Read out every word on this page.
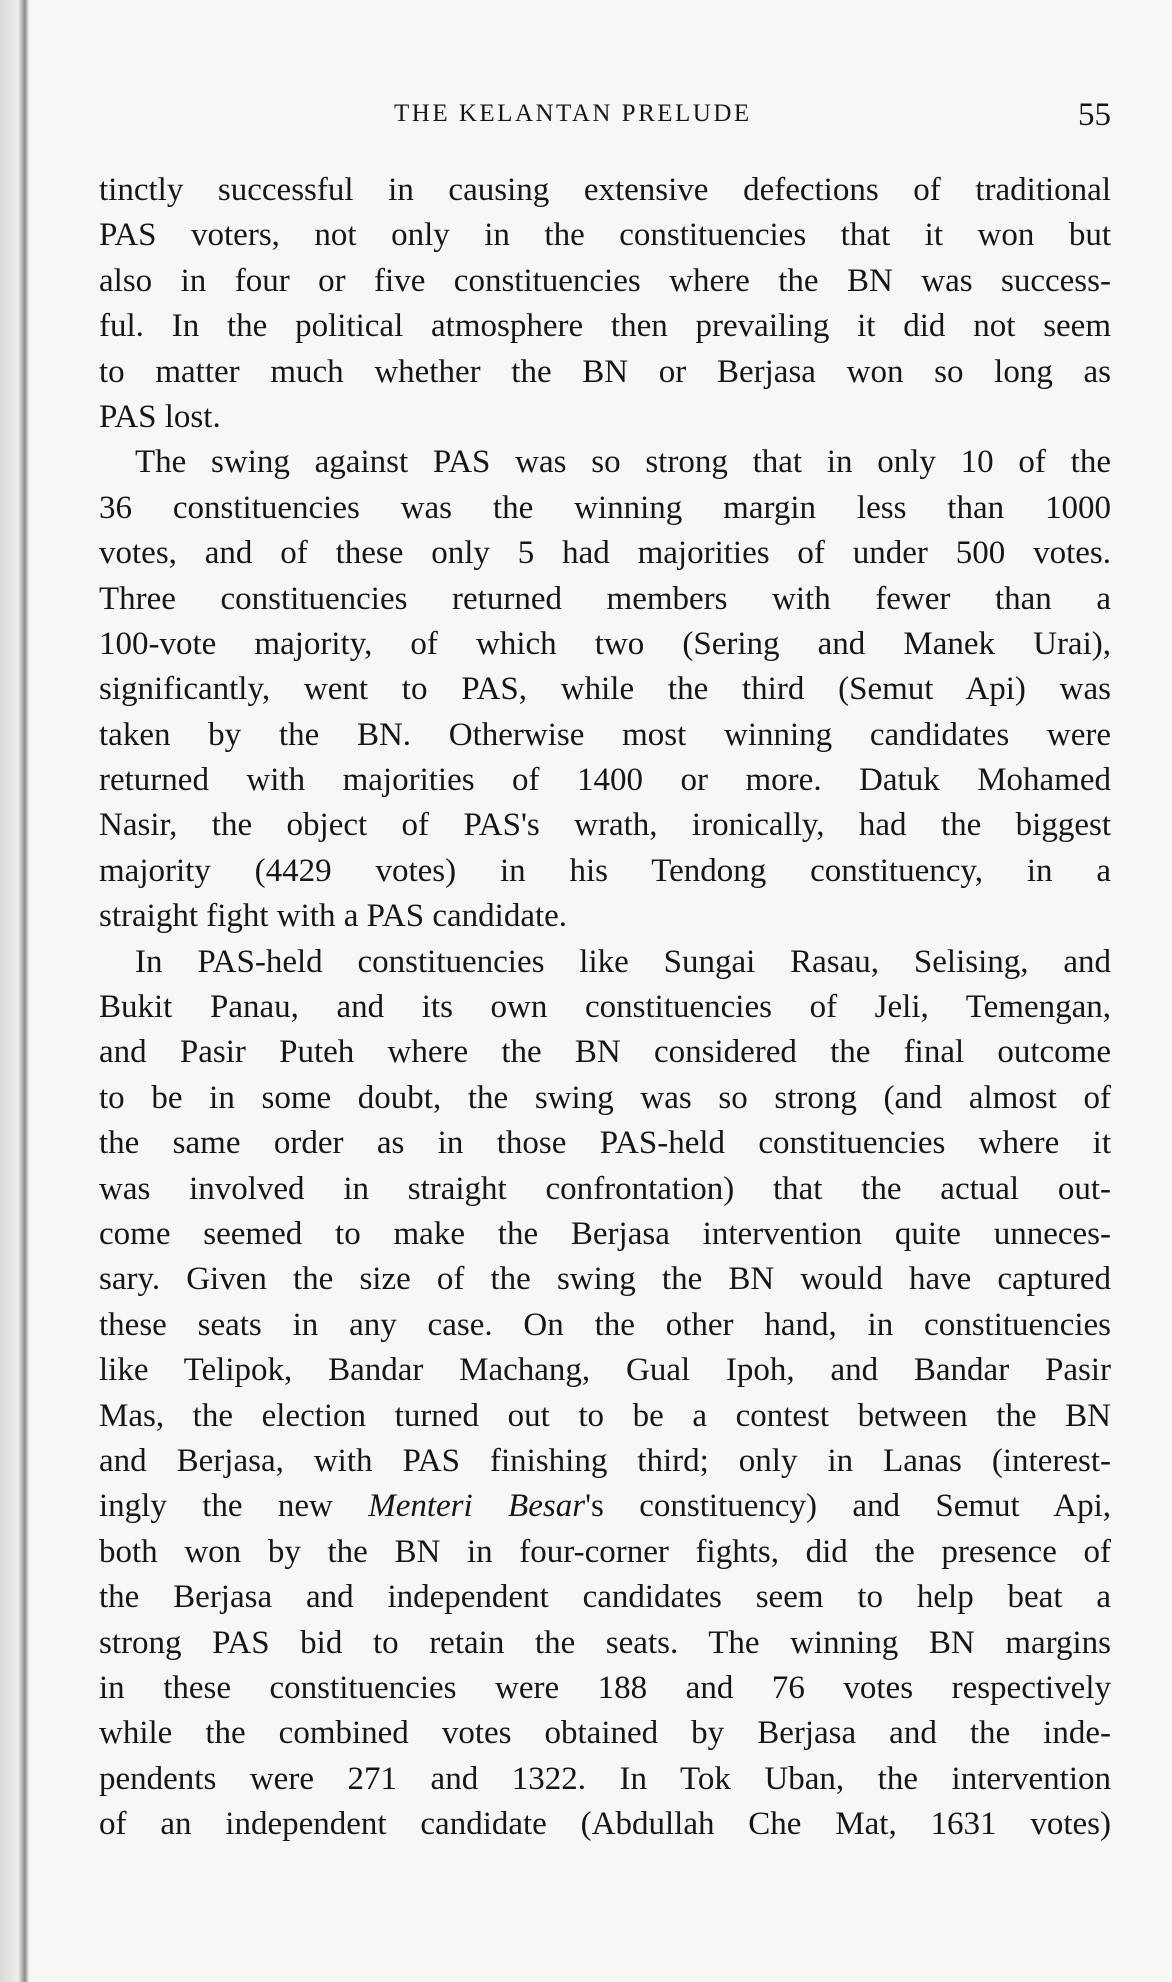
THE KELANTAN PRELUDE	55
tinctly successful in causing extensive defections of traditional
PAS voters, not only in the constituencies that it won but
also in four or five constituencies where the BN was success-
ful. In the political atmosphere then prevailing it did not seem
to matter much whether the BN or Berjasa won so long as
PAS lost.
The swing against PAS was so strong that in only 10 of the
36 constituencies was the winning margin less than 1000
votes, and of these only 5 had majorities of under 500 votes.
Three constituencies returned members with fewer than a
100-vote majority, of which two (Sering and Manek Urai),
significantly, went to PAS, while the third (Semut Api) was
taken by the BN. Otherwise most winning candidates were
returned with majorities of 1400 or more. Datuk Mohamed
Nasir, the object of PAS's wrath, ironically, had the biggest
majority (4429 votes) in his Tendong constituency, in a
straight fight with a PAS candidate.
In PAS-held constituencies like Sungai Rasau, Selising, and
Bukit Panau, and its own constituencies of Jeli, Temengan,
and Pasir Puteh where the BN considered the final outcome
to be in some doubt, the swing was so strong (and almost of
the same order as in those PAS-held constituencies where it
was involved in straight confrontation) that the actual out-
come seemed to make the Berjasa intervention quite unneces-
sary. Given the size of the swing the BN would have captured
these seats in any case. On the other hand, in constituencies
like Telipok, Bandar Machang, Gual Ipoh, and Bandar Pasir
Mas, the election turned out to be a contest between the BN
and Berjasa, with PAS finishing third; only in Lanas (interest-
ingly the new Menteri Besar's constituency) and Semut Api,
both won by the BN in four-corner fights, did the presence of
the Berjasa and independent candidates seem to help beat a
strong PAS bid to retain the seats. The winning BN margins
in these constituencies were 188 and 76 votes respectively
while the combined votes obtained by Berjasa and the inde-
pendents were 271 and 1322. In Tok Uban, the intervention
of an independent candidate (Abdullah Che Mat, 1631 votes)
